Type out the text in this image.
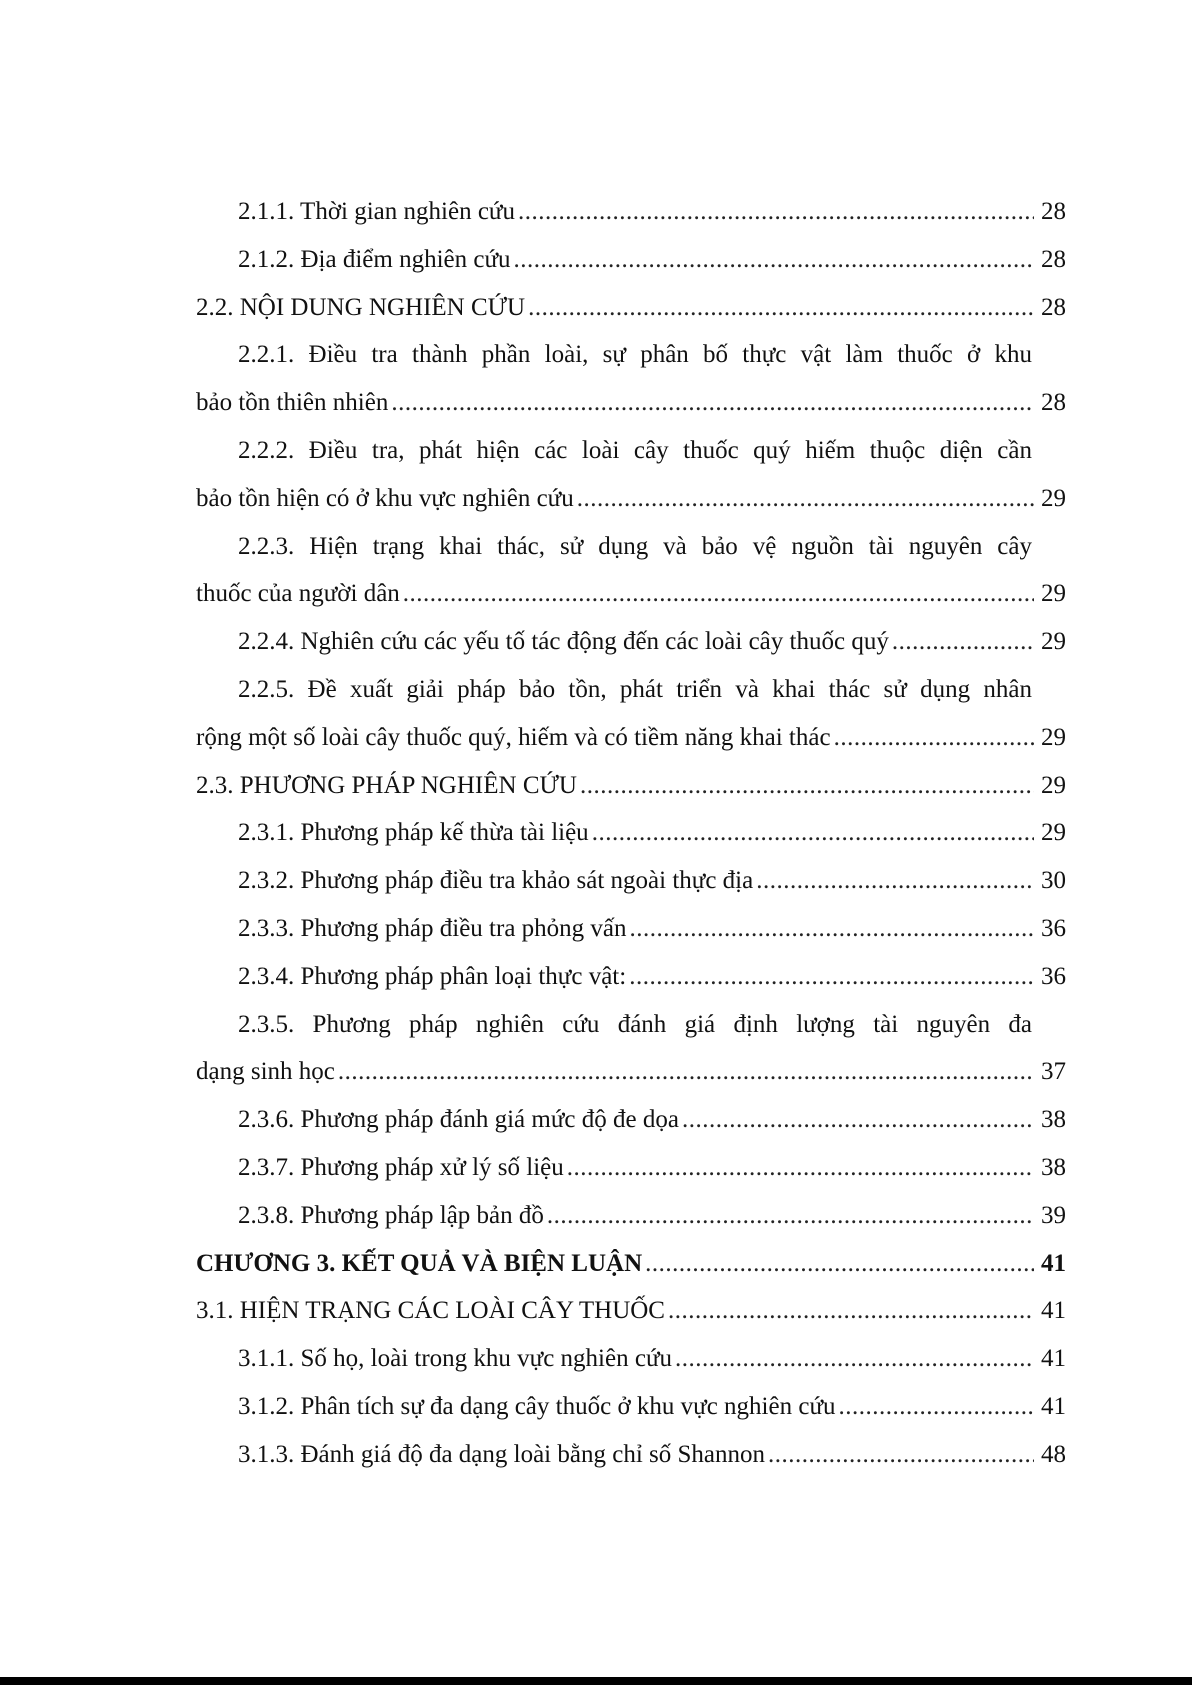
2.1.1. Thời gian nghiên cứu .....	28
2.1.2. Địa điểm nghiên cứu .....	28
2.2. NỘI DUNG NGHIÊN CỨU .....	28
2.2.1. Điều tra thành phần loài, sự phân bố thực vật làm thuốc ở khu
bảo tồn thiên nhiên .....	28
2.2.2. Điều tra, phát hiện các loài cây thuốc quý hiếm thuộc diện cần
bảo tồn hiện có ở khu vực nghiên cứu .....	29
2.2.3. Hiện trạng khai thác, sử dụng và bảo vệ nguồn tài nguyên cây
thuốc của người dân .....	29
2.2.4. Nghiên cứu các yếu tố tác động đến các loài cây thuốc quý .....	29
2.2.5. Đề xuất giải pháp bảo tồn, phát triển và khai thác sử dụng nhân
rộng một số loài cây thuốc quý, hiếm và có tiềm năng khai thác .....	29
2.3. PHƯƠNG PHÁP NGHIÊN CỨU .....	29
2.3.1. Phương pháp kế thừa tài liệu .....	29
2.3.2. Phương pháp điều tra khảo sát ngoài thực địa .....	30
2.3.3. Phương pháp điều tra phỏng vấn .....	36
2.3.4. Phương pháp phân loại thực vật: .....	36
2.3.5. Phương pháp nghiên cứu đánh giá định lượng tài nguyên đa
dạng sinh học .....	37
2.3.6. Phương pháp đánh giá mức độ đe dọa .....	38
2.3.7. Phương pháp xử lý số liệu .....	38
2.3.8. Phương pháp lập bản đồ .....	39
CHƯƠNG 3. KẾT QUẢ VÀ BIỆN LUẬN .....	41
3.1. HIỆN TRẠNG CÁC LOÀI CÂY THUỐC .....	41
3.1.1. Số họ, loài trong khu vực nghiên cứu .....	41
3.1.2. Phân tích sự đa dạng cây thuốc ở khu vực nghiên cứu .....	41
3.1.3. Đánh giá độ đa dạng loài bằng chỉ số Shannon .....	48
